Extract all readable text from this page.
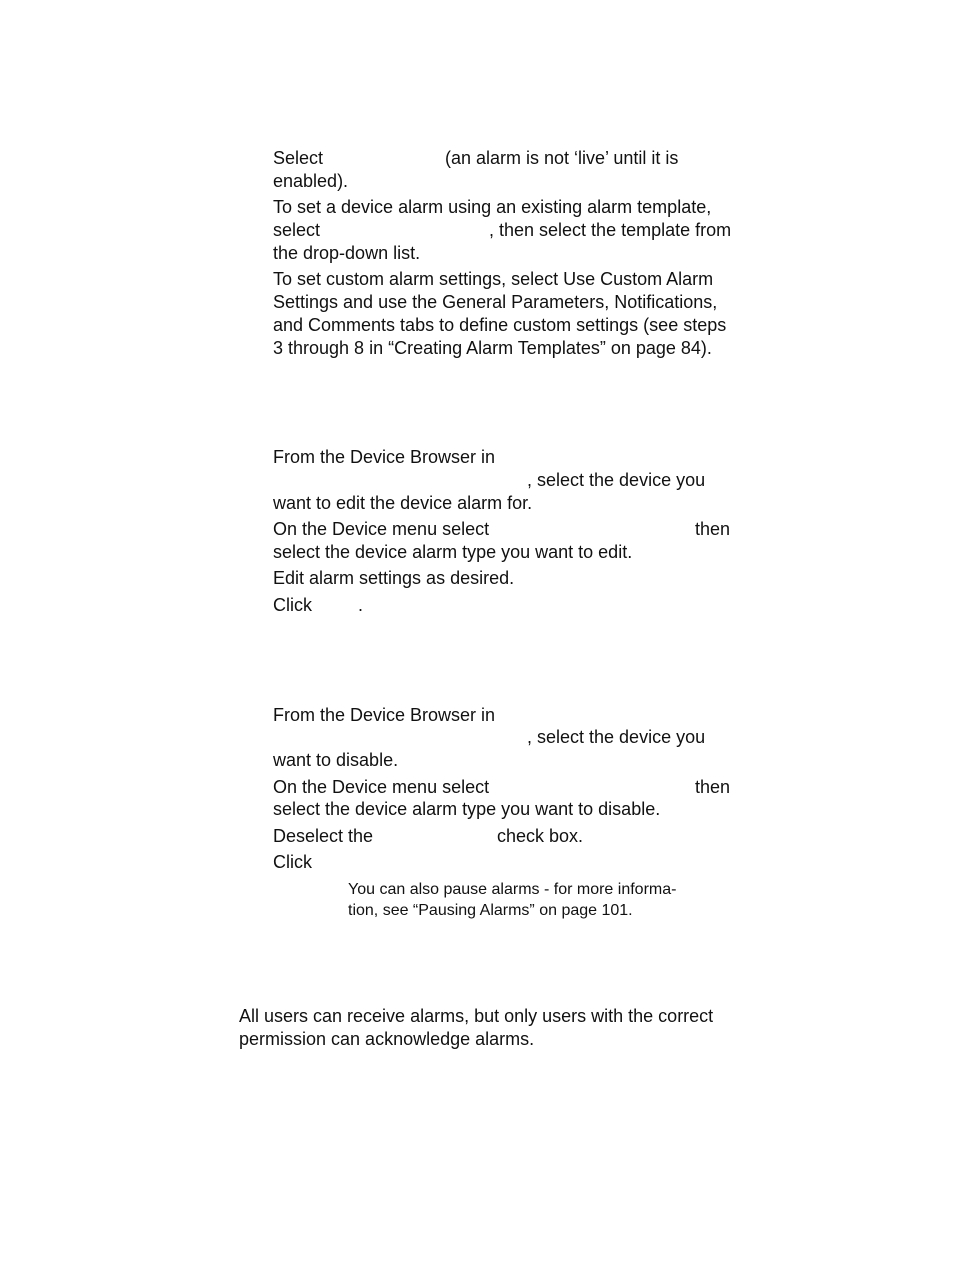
Select	(an alarm is not ‘live’ until it is
enabled).
To set a device alarm using an existing alarm template,
select	, then select the template from
the drop-down list.
To set custom alarm settings, select Use Custom Alarm
Settings and use the General Parameters, Notifications,
and Comments tabs to define custom settings (see steps
3 through 8 in “Creating Alarm Templates” on page 84).
From the Device Browser in
, select the device you
want to edit the device alarm for.
On the Device menu select	then
select the device alarm type you want to edit.
Edit alarm settings as desired.
Click	.
From the Device Browser in
, select the device you
want to disable.
On the Device menu select	then
select the device alarm type you want to disable.
Deselect the	check box.
Click
You can also pause alarms - for more informa-
tion, see “Pausing Alarms” on page 101.
All users can receive alarms, but only users with the correct
permission can acknowledge alarms.
